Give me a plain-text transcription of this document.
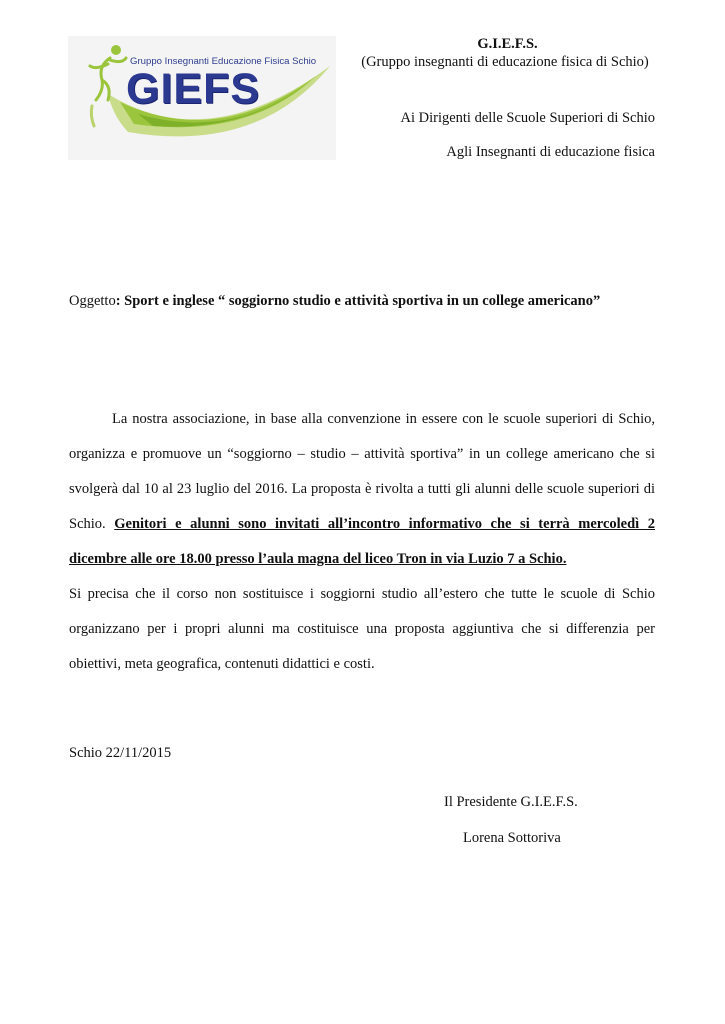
Gruppo Insegnanti Educazione Fisica Schio
GIEFS
G.I.E.F.S.
(Gruppo insegnanti di educazione fisica di Schio)
Ai Dirigenti delle Scuole Superiori di Schio
Agli Insegnanti di educazione fisica
Oggetto: Sport e inglese “ soggiorno studio e attività sportiva in un college americano”

La nostra associazione, in base alla convenzione in essere con le scuole superiori di Schio, organizza e promuove un “soggiorno – studio – attività sportiva” in un college americano che si svolgerà dal 10 al 23 luglio del 2016. La proposta è rivolta a tutti gli alunni delle scuole superiori di Schio. Genitori e alunni sono invitati all’incontro informativo che si terrà mercoledì 2 dicembre alle ore 18.00 presso l’aula magna del liceo Tron in via Luzio 7 a Schio.

Si precisa che il corso non sostituisce i soggiorni studio all’estero che tutte le scuole di Schio organizzano per i propri alunni ma costituisce una proposta aggiuntiva che si differenzia per obiettivi, meta geografica, contenuti didattici e costi.

Schio 22/11/2015
Il Presidente G.I.E.F.S.
Lorena Sottoriva
